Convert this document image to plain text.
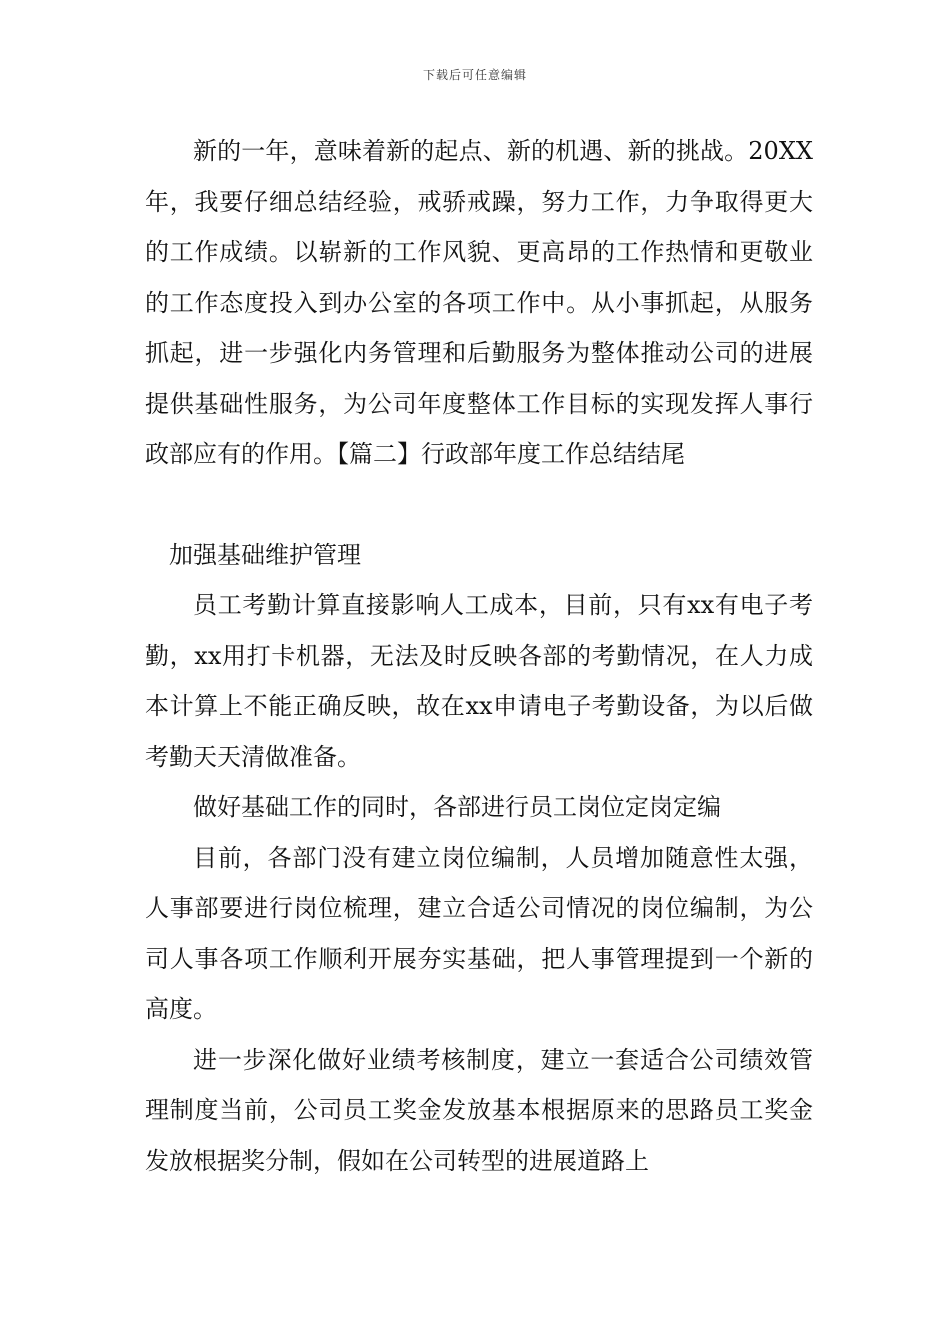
下载后可任意编辑

新的一年，意味着新的起点、新的机遇、新的挑战。20XX年，我要仔细总结经验，戒骄戒躁，努力工作，力争取得更大的工作成绩。以崭新的工作风貌、更高昂的工作热情和更敬业的工作态度投入到办公室的各项工作中。从小事抓起，从服务抓起，进一步强化内务管理和后勤服务为整体推动公司的进展提供基础性服务，为公司年度整体工作目标的实现发挥人事行政部应有的作用。【篇二】行政部年度工作总结结尾

加强基础维护管理

员工考勤计算直接影响人工成本，目前，只有xx有电子考勤，xx用打卡机器，无法及时反映各部的考勤情况，在人力成本计算上不能正确反映，故在xx申请电子考勤设备，为以后做考勤天天清做准备。

做好基础工作的同时，各部进行员工岗位定岗定编

目前，各部门没有建立岗位编制，人员增加随意性太强，人事部要进行岗位梳理，建立合适公司情况的岗位编制，为公司人事各项工作顺利开展夯实基础，把人事管理提到一个新的高度。

进一步深化做好业绩考核制度，建立一套适合公司绩效管理制度当前，公司员工奖金发放基本根据原来的思路员工奖金发放根据奖分制，假如在公司转型的进展道路上
